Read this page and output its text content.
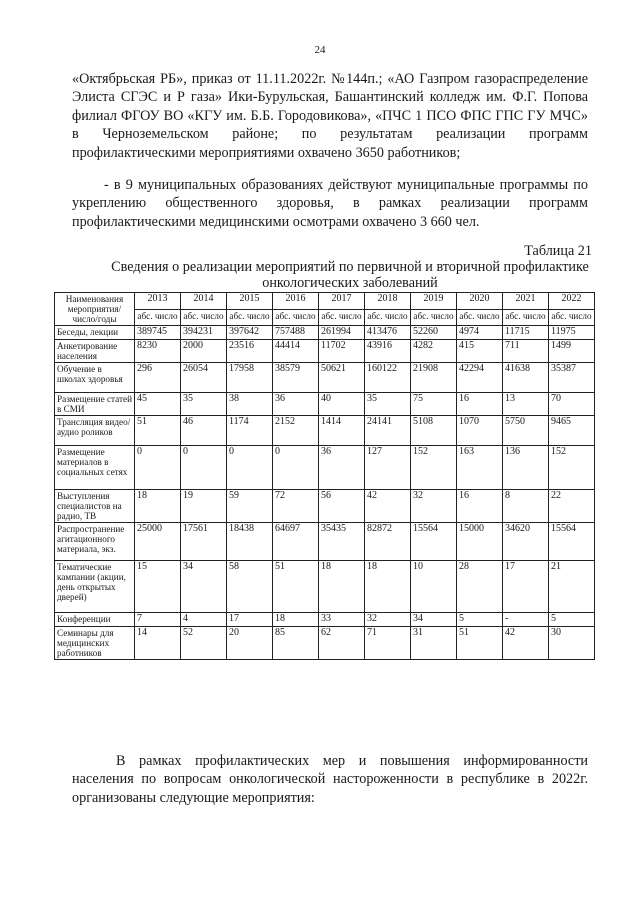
24

«Октябрьская РБ», приказ от 11.11.2022г. №144п.; «АО Газпром газораспределение Элиста СГЭС и Р газа» Ики-Бурульская, Башантинский колледж им. Ф.Г. Попова филиал ФГОУ ВО «КГУ им. Б.Б. Городовикова», «ПЧС 1 ПСО ФПС ГПС ГУ МЧС» в Черноземельском районе; по результатам реализации программ профилактическими мероприятиями охвачено 3650 работников;

- в 9 муниципальных образованиях действуют муниципальные программы по укреплению общественного здоровья, в рамках реализации программ профилактическими медицинскими осмотрами охвачено 3 660 чел.

Таблица 21
Сведения о реализации мероприятий по первичной и вторичной профилактике онкологических заболеваний
Наименования мероприятия/ число/годы	2013	2014	2015	2016	2017	2018	2019	2020	2021	2022
	абс. число	абс. число	абс. число	абс. число	абс. число	абс. число	абс. число	абс. число	абс. число	абс. число
Беседы, лекции	389745	394231	397642	757488	261994	413476	52260	4974	11715	11975
Анкетирование населения	8230	2000	23516	44414	11702	43916	4282	415	711	1499
Обучение в школах здоровья	296	26054	17958	38579	50621	160122	21908	42294	41638	35387
Размещение статей в СМИ	45	35	38	36	40	35	75	16	13	70
Трансляция видео/аудио роликов	51	46	1174	2152	1414	24141	5108	1070	5750	9465
Размещение материалов в социальных сетях	0	0	0	0	36	127	152	163	136	152
Выступления специалистов на радио, ТВ	18	19	59	72	56	42	32	16	8	22
Распространение агитационного материала, экз.	25000	17561	18438	64697	35435	82872	15564	15000	34620	15564
Тематические кампании (акции, день открытых дверей)	15	34	58	51	18	18	10	28	17	21
Конференции	7	4	17	18	33	32	34	5	-	5
Семинары для медицинских работников	14	52	20	85	62	71	31	51	42	30

В рамках профилактических мер и повышения информированности населения по вопросам онкологической настороженности в республике в 2022г. организованы следующие мероприятия:
